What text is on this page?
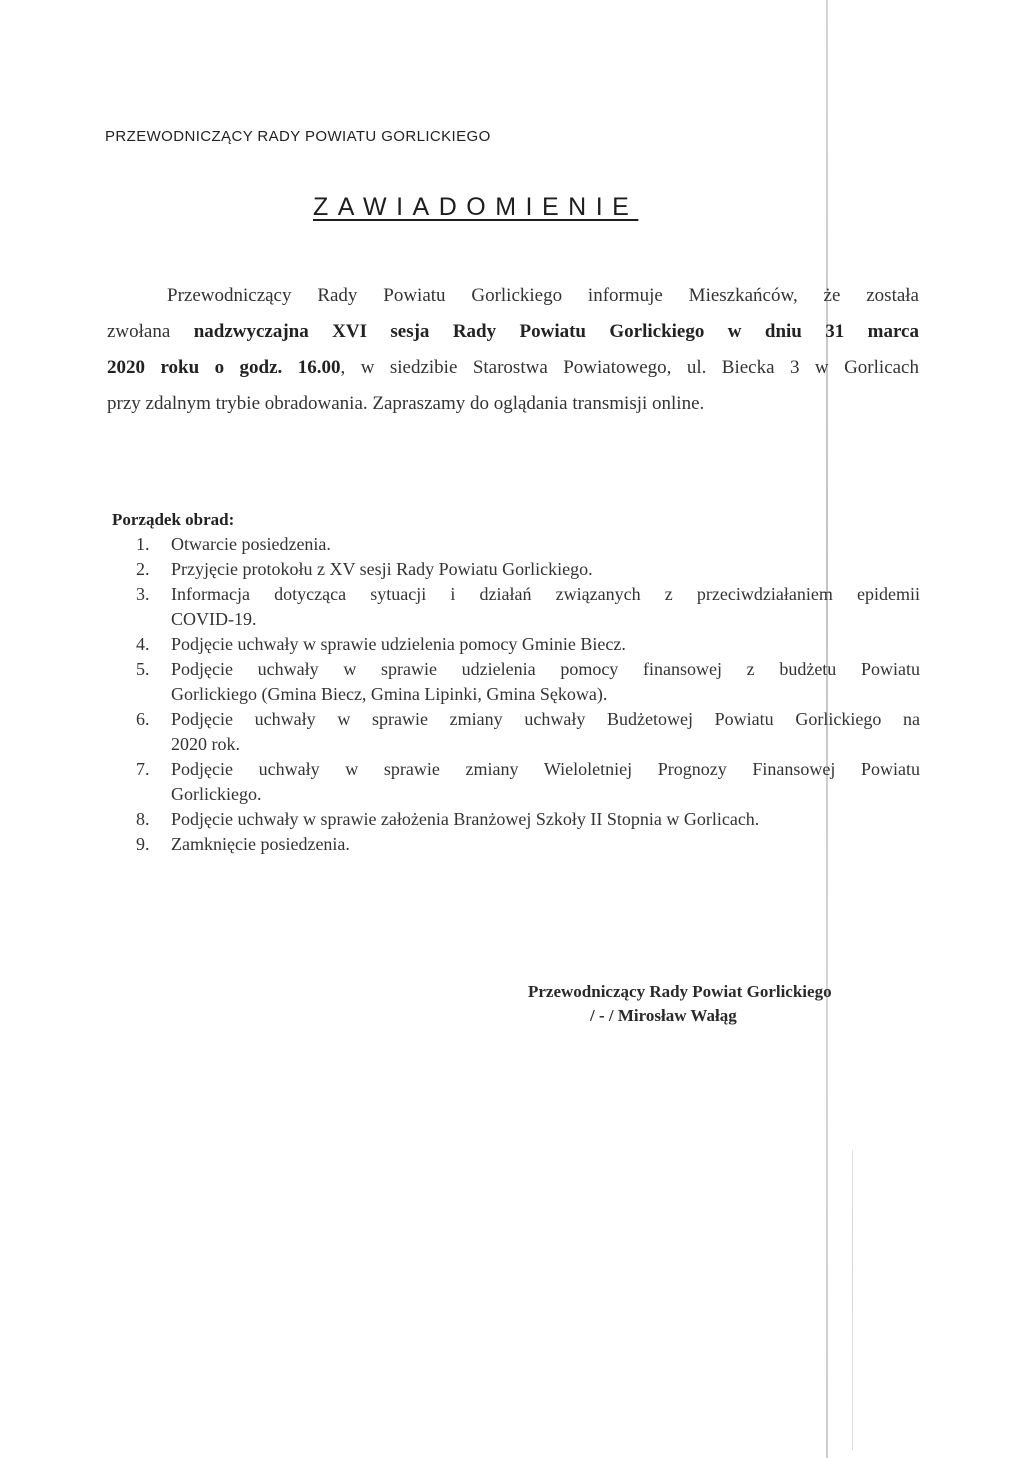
PRZEWODNICZĄCY RADY POWIATU GORLICKIEGO
ZAWIADOMIENIE
Przewodniczący Rady Powiatu Gorlickiego informuje Mieszkańców, że została
zwołana nadzwyczajna XVI sesja Rady Powiatu Gorlickiego w dniu 31 marca
2020 roku o godz. 16.00, w siedzibie Starostwa Powiatowego, ul. Biecka 3 w Gorlicach
przy zdalnym trybie obradowania. Zapraszamy do oglądania transmisji online.
Porządek obrad:
1.	Otwarcie posiedzenia.
2.	Przyjęcie protokołu z XV sesji Rady Powiatu Gorlickiego.
3.	Informacja dotycząca sytuacji i działań związanych z przeciwdziałaniem epidemii
COVID-19.
4.	Podjęcie uchwały w sprawie udzielenia pomocy Gminie Biecz.
5.	Podjęcie uchwały w sprawie udzielenia pomocy finansowej z budżetu Powiatu
Gorlickiego (Gmina Biecz, Gmina Lipinki, Gmina Sękowa).
6.	Podjęcie uchwały w sprawie zmiany uchwały Budżetowej Powiatu Gorlickiego na
2020 rok.
7.	Podjęcie uchwały w sprawie zmiany Wieloletniej Prognozy Finansowej Powiatu
Gorlickiego.
8.	Podjęcie uchwały w sprawie założenia Branżowej Szkoły II Stopnia w Gorlicach.
9.	Zamknięcie posiedzenia.
Przewodniczący Rady Powiat Gorlickiego
/ - / Mirosław Wałąg
